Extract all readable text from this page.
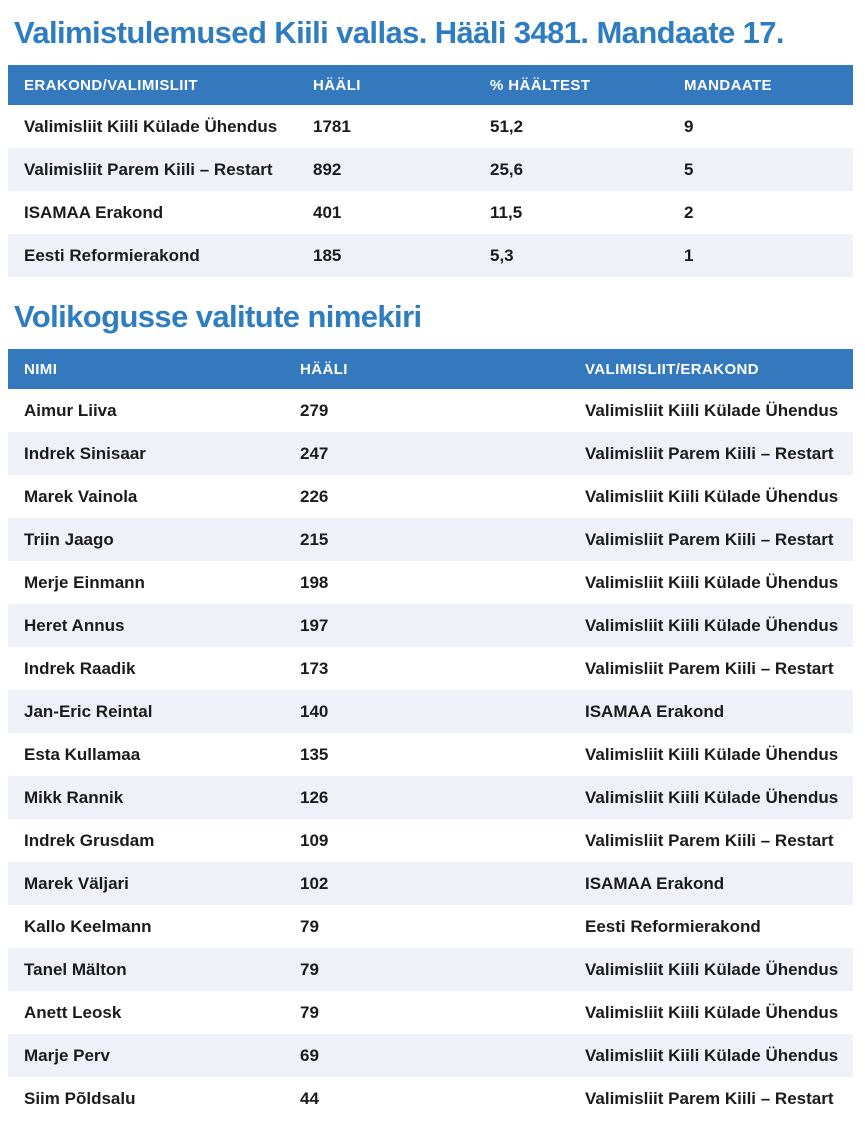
Valimistulemused Kiili vallas. Hääli 3481. Mandaate 17.
ERAKOND/VALIMISLIIT	HÄÄLI	% HÄÄLTEST	MANDAATE
Valimisliit Kiili Külade Ühendus	1781	51,2	9
Valimisliit Parem Kiili – Restart	892	25,6	5
ISAMAA Erakond	401	11,5	2
Eesti Reformierakond	185	5,3	1
Volikogusse valitute nimekiri
NIMI	HÄÄLI	VALIMISLIIT/ERAKOND
Aimur Liiva	279	Valimisliit Kiili Külade Ühendus
Indrek Sinisaar	247	Valimisliit Parem Kiili – Restart
Marek Vainola	226	Valimisliit Kiili Külade Ühendus
Triin Jaago	215	Valimisliit Parem Kiili – Restart
Merje Einmann	198	Valimisliit Kiili Külade Ühendus
Heret Annus	197	Valimisliit Kiili Külade Ühendus
Indrek Raadik	173	Valimisliit Parem Kiili – Restart
Jan-Eric Reintal	140	ISAMAA Erakond
Esta Kullamaa	135	Valimisliit Kiili Külade Ühendus
Mikk Rannik	126	Valimisliit Kiili Külade Ühendus
Indrek Grusdam	109	Valimisliit Parem Kiili – Restart
Marek Väljari	102	ISAMAA Erakond
Kallo Keelmann	79	Eesti Reformierakond
Tanel Mälton	79	Valimisliit Kiili Külade Ühendus
Anett Leosk	79	Valimisliit Kiili Külade Ühendus
Marje Perv	69	Valimisliit Kiili Külade Ühendus
Siim Põldsalu	44	Valimisliit Parem Kiili – Restart
